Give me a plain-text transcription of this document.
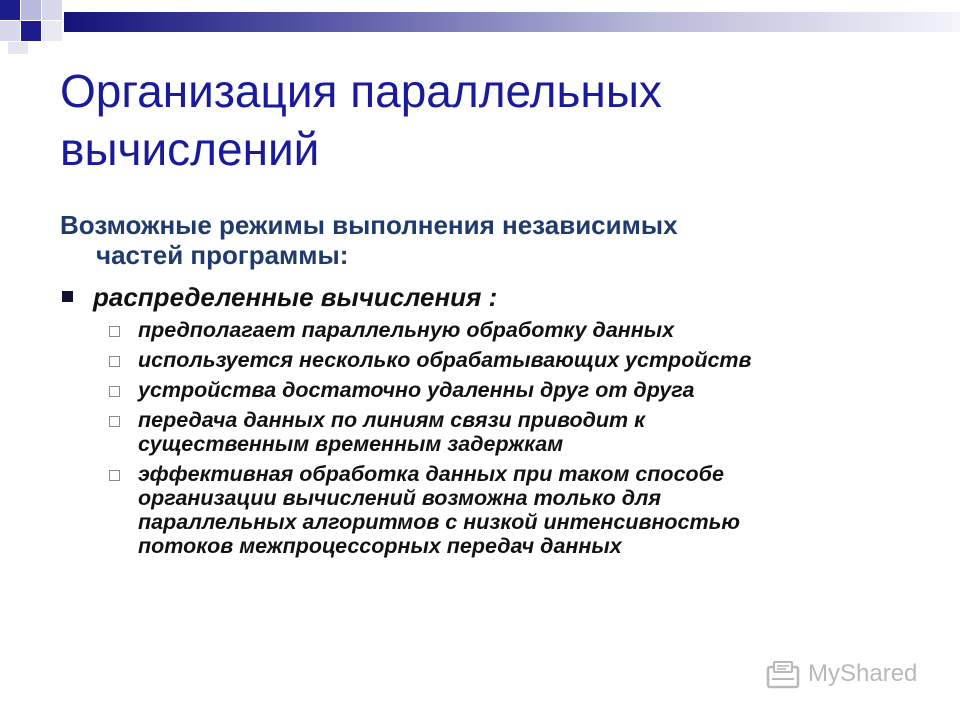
Организация параллельных
вычислений
Возможные режимы выполнения независимых
частей программы:
распределенные вычисления :
предполагает параллельную обработку данных
используется несколько обрабатывающих устройств
устройства достаточно удаленны друг от друга
передача данных по линиям связи приводит к
существенным временным задержкам
эффективная обработка данных при таком способе
организации вычислений возможна только для
параллельных алгоритмов с низкой интенсивностью
потоков межпроцессорных передач данных
MyShared
